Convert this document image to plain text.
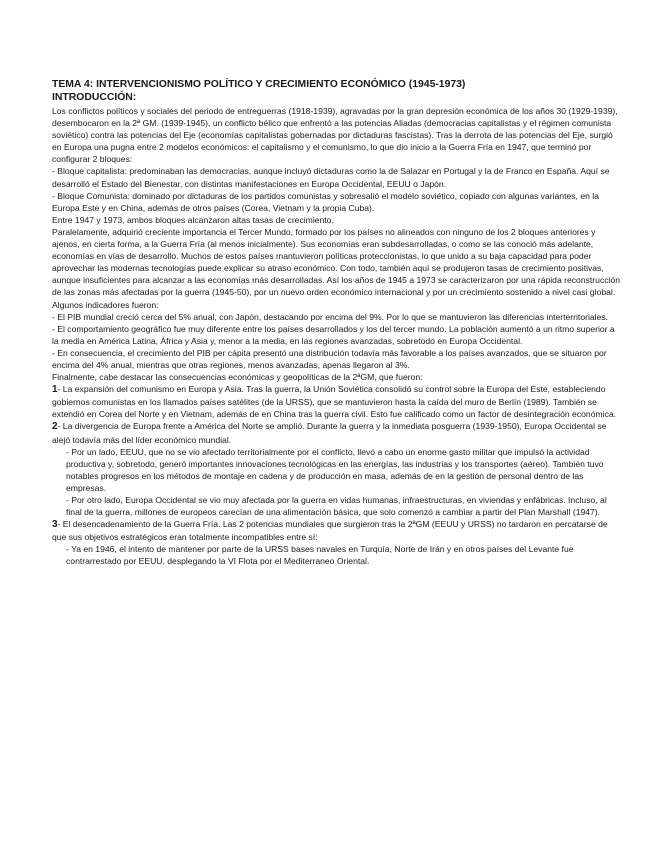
TEMA 4: INTERVENCIONISMO POLÍTICO Y CRECIMIENTO ECONÓMICO (1945-1973)

INTRODUCCIÓN:

Los conflictos políticos y sociales del periodo de entreguerras (1918-1939), agravadas por la gran depresión económica de los años 30 (1929-1939), desembocaron en la 2ª GM. (1939-1945), un conflicto bélico que enfrentó a las potencias Aliadas (democracias capitalistas y el régimen comunista soviético) contra las potencias del Eje (economías capitalistas gobernadas por dictaduras fascistas). Tras la derrota de las potencias del Eje, surgió en Europa una pugna entre 2 modelos económicos: el capitalismo y el comunismo, lo que dio inicio a la Guerra Fría en 1947, que terminó por configurar 2 bloques:

- Bloque capitalista: predominaban las democracias, aunque incluyó dictaduras como la de Salazar en Portugal y la de Franco en España. Aquí se desarrolló el Estado del Bienestar, con distintas manifestaciones en Europa Occidental, EEUU o Japón.

- Bloque Comunista: dominado por dictaduras de los partidos comunistas y sobresalió el modelo soviético, copiado con algunas variantes, en la Europa Este y en China, además de otros países (Corea, Vietnam y la propia Cuba).

Entre 1947 y 1973, ambos bloques alcanzaron altas tasas de crecimiento.

Paralelamente, adquirió creciente importancia el Tercer Mundo, formado por los países no alineados con ninguno de los 2 bloques anteriores y ajenos, en cierta forma, a la Guerra Fría (al menos inicialmente). Sus economías eran subdesarrolladas, o como se las conoció más adelante, economías en vías de desarrollo. Muchos de estos países mantuvieron políticas proteccionistas, lo que unido a su baja capacidad para poder aprovechar las modernas tecnologías puede explicar su atraso económico. Con todo, también aquí se produjeron tasas de crecimiento positivas, aunque insuficientes para alcanzar a las economías más desarrolladas. Así los años de 1945 a 1973 se caracterizaron por una rápida reconstrucción de las zonas más afectadas por la guerra (1945-50), por un nuevo orden económico internacional y por un crecimiento sostenido a nivel casi global. Algunos indicadores fueron:

- El PIB mundial creció cerca del 5% anual, con Japón, destacando por encima del 9%. Por lo que se mantuvieron las diferencias interterritoriales.

- El comportamiento geográfico fue muy diferente entre los países desarrollados y los del tercer mundo. La población aumentó a un ritmo superior a la media en América Latina, África y Asia y, menor a la media, en las regiones avanzadas, sobretodo en Europa Occidental.

- En consecuencia, el crecimiento del PIB per cápita presentó una distribución todavía más favorable a los países avanzados, que se situaron por encima del 4% anual, mientras que otras regiones, menos avanzadas, apenas llegaron al 3%.

Finalmente, cabe destacar las consecuencias económicas y geopolíticas de la 2ªGM, que fueron:

1- La expansión del comunismo en Europa y Asia. Tras la guerra, la Unión Soviética consolidó su control sobre la Europa del Este, estableciendo gobiernos comunistas en los llamados países satélites (de la URSS), que se mantuvieron hasta la caída del muro de Berlín (1989). También se extendió en Corea del Norte y en Vietnam, además de en China tras la guerra civil. Esto fue calificado como un factor de desintegración económica.

2- La divergencia de Europa frente a América del Norte se amplió. Durante la guerra y la inmediata posguerra (1939-1950), Europa Occidental se alejó todavía más del líder económico mundial.

- Por un lado, EEUU, que no se vio afectado territorialmente por el conflicto, llevó a cabo un enorme gasto militar que impulsó la actividad productiva y, sobretodo, generó importantes innovaciones tecnológicas en las energías, las industrias y los transportes (aéreo). También tuvo notables progresos en los métodos de montaje en cadena y de producción en masa, además de en la gestión de personal dentro de las empresas.

- Por otro lado, Europa Occidental se vio muy afectada por la guerra en vidas humanas, infraestructuras, en viviendas y enfábricas. Incluso, al final de la guerra, millones de europeos carecían de una alimentación básica, que solo comenzó a cambiar a partir del Plan Marshall (1947).

3- El desencadenamiento de la Guerra Fría. Las 2 potencias mundiales que surgieron tras la 2ªGM (EEUU y URSS) no tardaron en percatarse de que sus objetivos estratégicos eran totalmente incompatibles entre sí:

- Ya en 1946, el intento de mantener por parte de la URSS bases navales en Turquía, Norte de Irán y en otros países del Levante fue contrarrestado por EEUU, desplegando la VI Flota por el Mediterraneo Oriental.
